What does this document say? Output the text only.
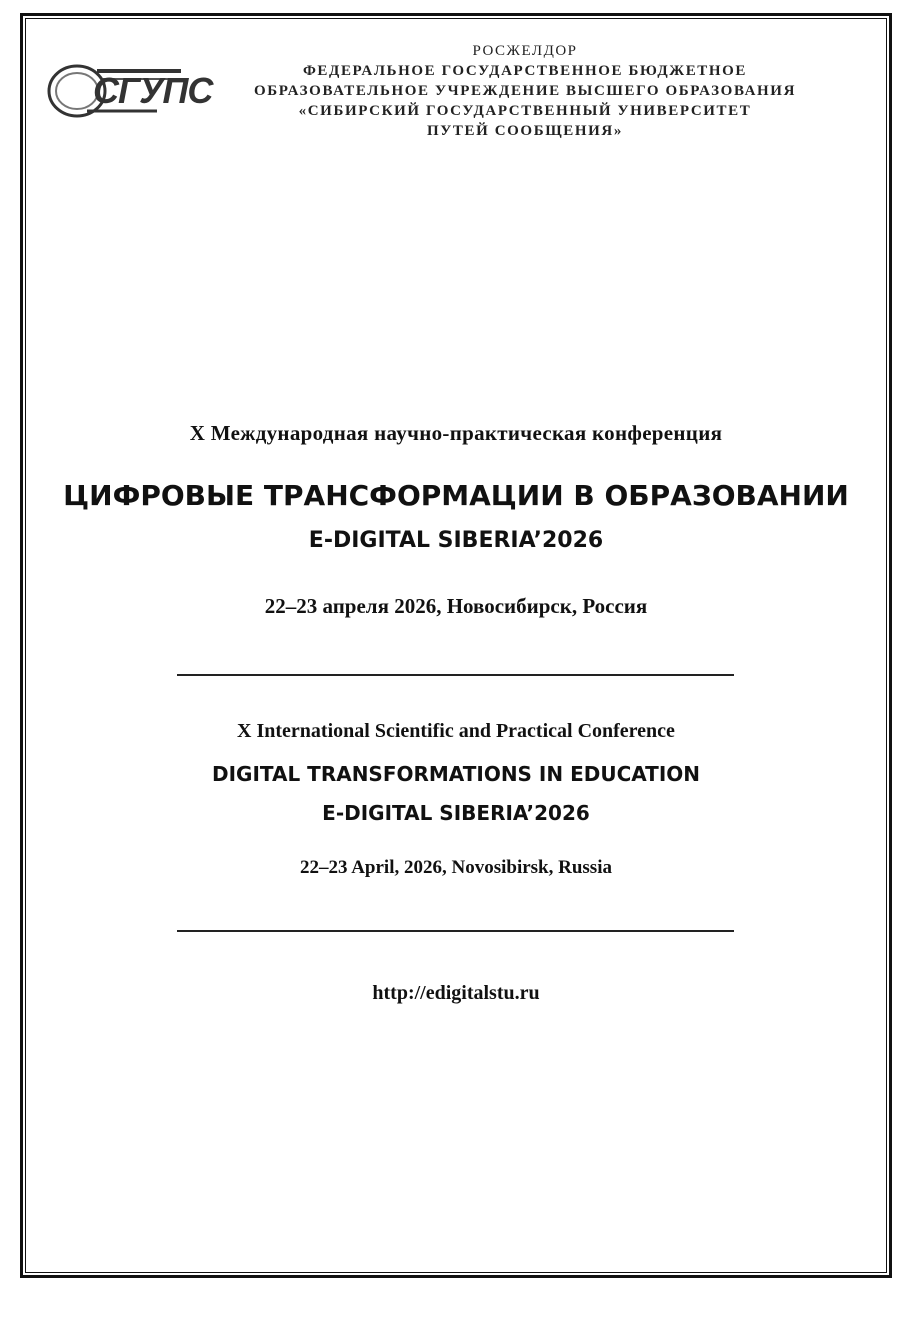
СГУПС
РОСЖЕЛДОР
ФЕДЕРАЛЬНОЕ ГОСУДАРСТВЕННОЕ БЮДЖЕТНОЕ
ОБРАЗОВАТЕЛЬНОЕ УЧРЕЖДЕНИЕ ВЫСШЕГО ОБРАЗОВАНИЯ
«СИБИРСКИЙ ГОСУДАРСТВЕННЫЙ УНИВЕРСИТЕТ
ПУТЕЙ СООБЩЕНИЯ»
X Международная научно-практическая конференция
ЦИФРОВЫЕ ТРАНСФОРМАЦИИ В ОБРАЗОВАНИИ
E-DIGITAL SIBERIA’2026
22–23 апреля 2026, Новосибирск, Россия
X International Scientific and Practical Conference
DIGITAL TRANSFORMATIONS IN EDUCATION
E-DIGITAL SIBERIA’2026
22–23 April, 2026, Novosibirsk, Russia
http://edigitalstu.ru
